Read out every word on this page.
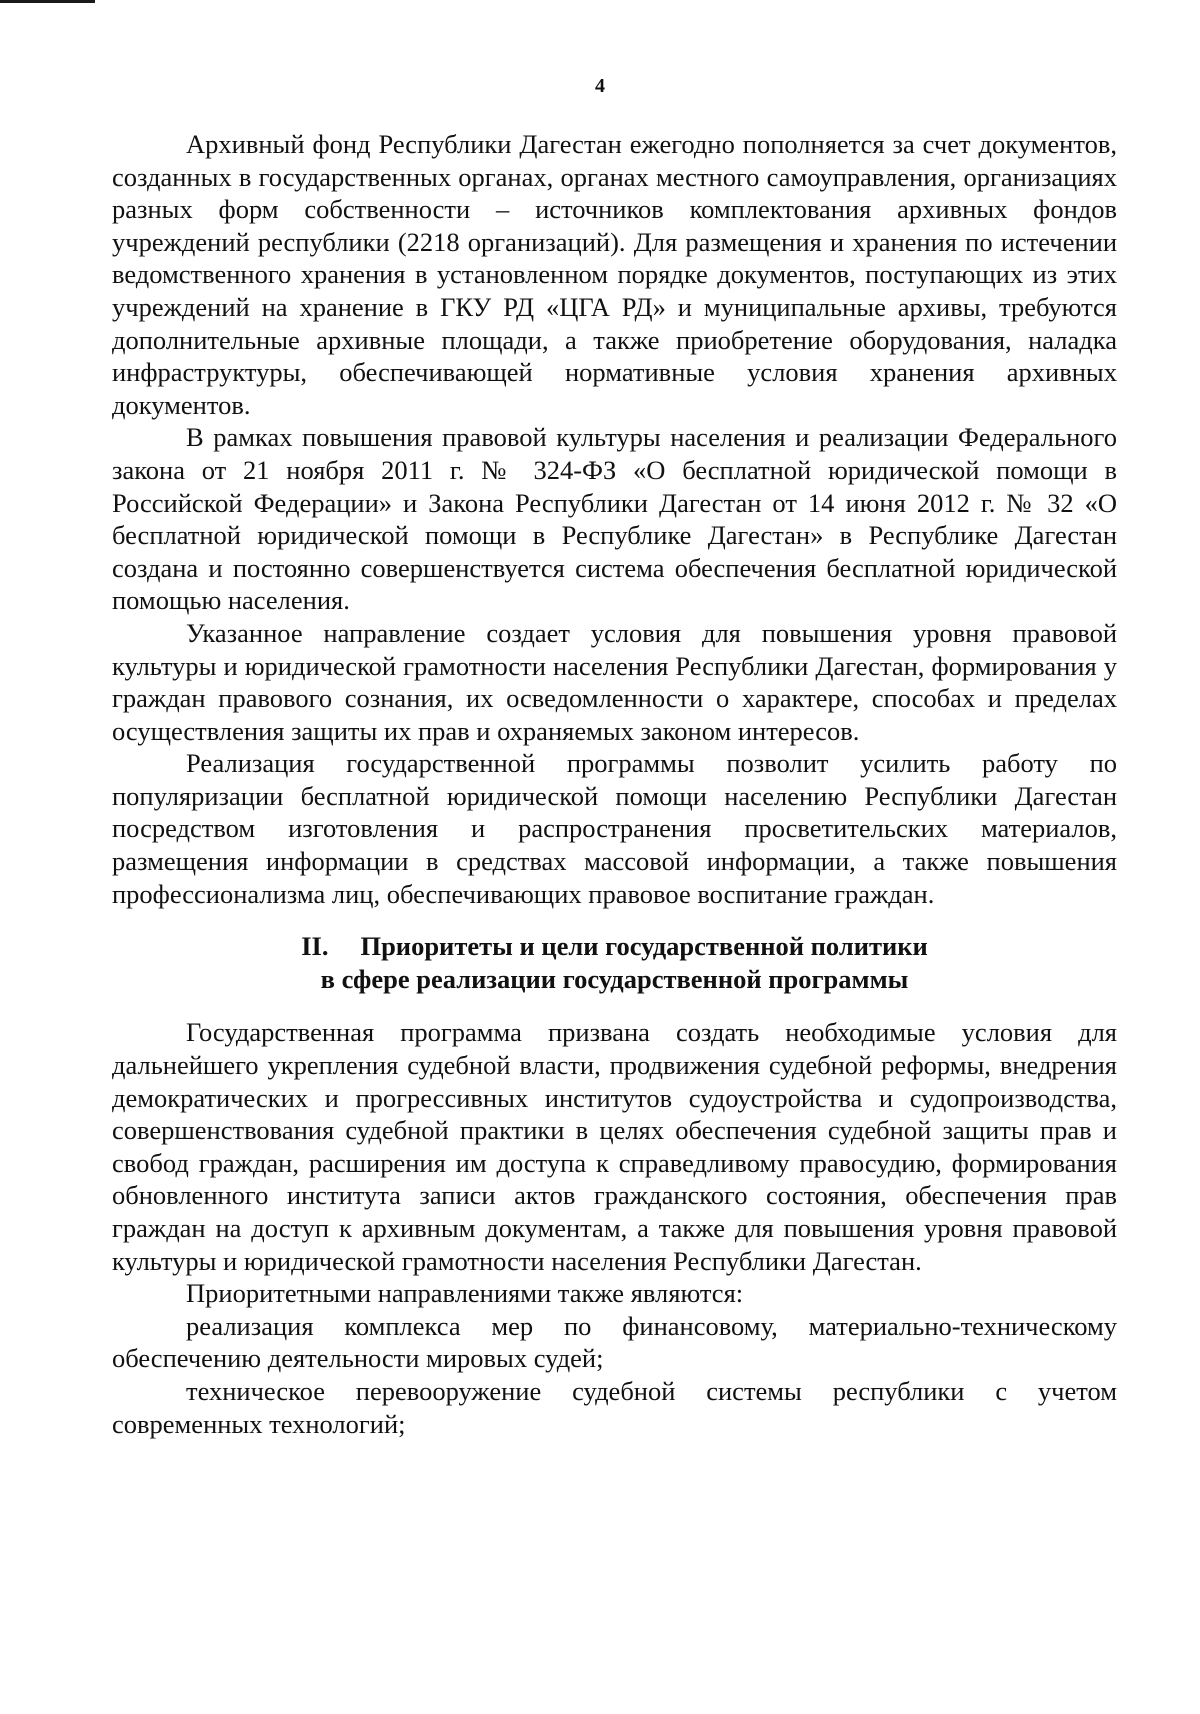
4

Архивный фонд Республики Дагестан ежегодно пополняется за счет документов, созданных в государственных органах, органах местного самоуправления, организациях разных форм собственности – источников комплектования архивных фондов учреждений республики (2218 организаций). Для размещения и хранения по истечении ведомственного хранения в установленном порядке документов, поступающих из этих учреждений на хранение в ГКУ РД «ЦГА РД» и муниципальные архивы, требуются дополнительные архивные площади, а также приобретение оборудования, наладка инфраструктуры, обеспечивающей нормативные условия хранения архивных документов.

В рамках повышения правовой культуры населения и реализации Федерального закона от 21 ноября 2011 г. № 324-ФЗ «О бесплатной юридической помощи в Российской Федерации» и Закона Республики Дагестан от 14 июня 2012 г. № 32 «О бесплатной юридической помощи в Республике Дагестан» в Республике Дагестан создана и постоянно совершенствуется система обеспечения бесплатной юридической помощью населения.

Указанное направление создает условия для повышения уровня правовой культуры и юридической грамотности населения Республики Дагестан, формирования у граждан правового сознания, их осведомленности о характере, способах и пределах осуществления защиты их прав и охраняемых законом интересов.

Реализация государственной программы позволит усилить работу по популяризации бесплатной юридической помощи населению Республики Дагестан посредством изготовления и распространения просветительских материалов, размещения информации в средствах массовой информации, а также повышения профессионализма лиц, обеспечивающих правовое воспитание граждан.

II. Приоритеты и цели государственной политики
в сфере реализации государственной программы

Государственная программа призвана создать необходимые условия для дальнейшего укрепления судебной власти, продвижения судебной реформы, внедрения демократических и прогрессивных институтов судоустройства и судопроизводства, совершенствования судебной практики в целях обеспечения судебной защиты прав и свобод граждан, расширения им доступа к справедливому правосудию, формирования обновленного института записи актов гражданского состояния, обеспечения прав граждан на доступ к архивным документам, а также для повышения уровня правовой культуры и юридической грамотности населения Республики Дагестан.

Приоритетными направлениями также являются:

реализация комплекса мер по финансовому, материально-техническому обеспечению деятельности мировых судей;

техническое перевооружение судебной системы республики с учетом современных технологий;
